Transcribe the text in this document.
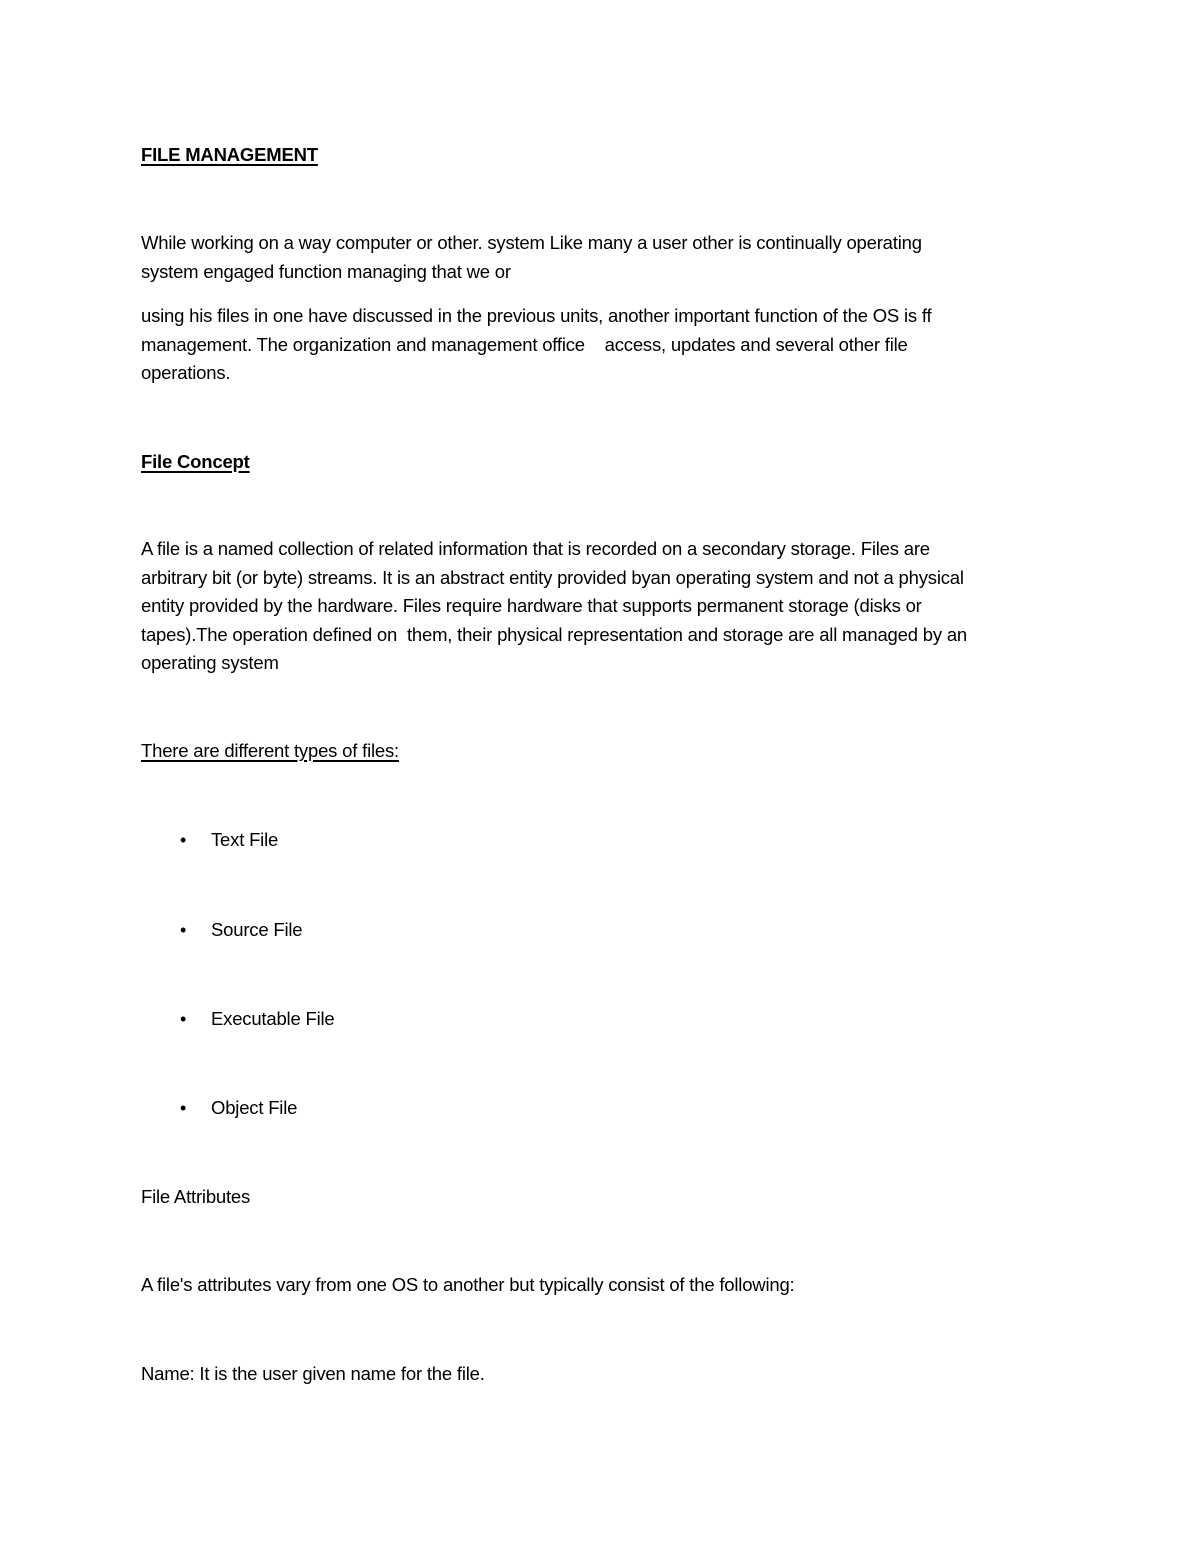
FILE MANAGEMENT

While working on a way computer or other. system Like many a user other is continually operating
system engaged function managing that we or

using his files in one have discussed in the previous units, another important function of the OS is ff
management. The organization and management office    access, updates and several other file
operations.

File Concept

A file is a named collection of related information that is recorded on a secondary storage. Files are
arbitrary bit (or byte) streams. It is an abstract entity provided byan operating system and not a physical
entity provided by the hardware. Files require hardware that supports permanent storage (disks or
tapes).The operation defined on  them, their physical representation and storage are all managed by an
operating system

There are different types of files:

•	Text File
•	Source File
•	Executable File
•	Object File

File Attributes

A file's attributes vary from one OS to another but typically consist of the following:

Name: It is the user given name for the file.
